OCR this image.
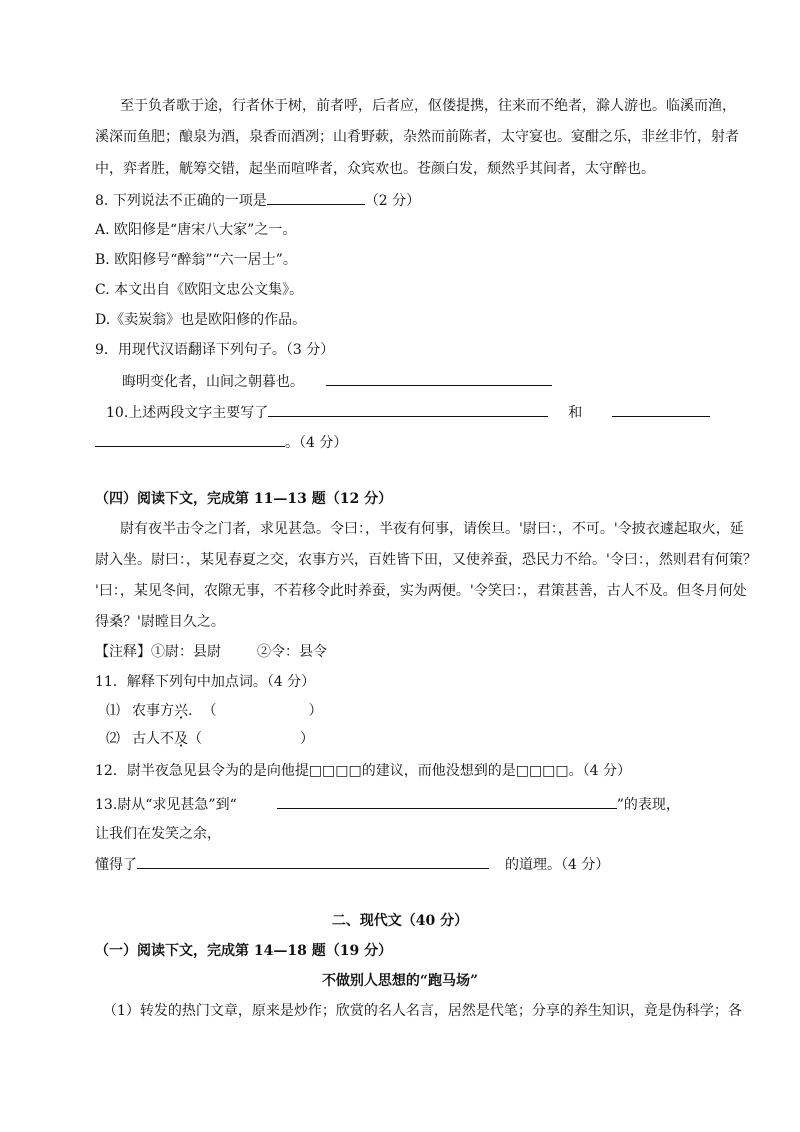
至于负者歌于途，行者休于树，前者呼，后者应，伛偻提携，往来而不绝者，滁人游也。临溪而渔，
溪深而鱼肥；酿泉为酒，泉香而酒冽；山肴野蔌，杂然而前陈者，太守宴也。宴酣之乐，非丝非竹，射者
中，弈者胜，觥筹交错，起坐而喧哗者，众宾欢也。苍颜白发，颓然乎其间者，太守醉也。
8. 下列说法不正确的一项是	（2 分）
A. 欧阳修是“唐宋八大家”之一。
B. 欧阳修号“醉翁”“六一居士”。
C. 本文出自《欧阳文忠公文集》。
D.《卖炭翁》也是欧阳修的作品。
9．用现代汉语翻译下列句子。（3 分）
晦明变化者，山间之朝暮也。
10.上述两段文字主要写了	和
。（4 分）
（四）阅读下文，完成第 11—13 题（12 分）
尉有夜半击令之门者，求见甚急。令曰：，半夜有何事，请俟旦。'尉曰：，不可。'令披衣遽起取火，延
尉入坐。尉曰：，某见春夏之交，农事方兴，百姓皆下田，又使养蚕，恐民力不给。'令曰：，然则君有何策？
'曰：，某见冬间，农隙无事，不若移令此时养蚕，实为两便。'令笑曰：，君策甚善，古人不及。但冬月何处
得桑？'尉瞠目久之。
【注释】①尉：县尉	②令：县令
11．解释下列句中加点词。（4 分）
⑴ 农事方兴. （	）
⑵ 古人不及（	）
12．尉半夜急见县令为的是向他提□□□□的建议，而他没想到的是□□□□。（4 分）
13.尉从“求见甚急”到“	”的表现，
让我们在发笑之余，
懂得了	的道理。（4 分）
二、现代文（40 分）
（一）阅读下文，完成第 14—18 题（19 分）
不做别人思想的“跑马场”
（1）转发的热门文章，原来是炒作；欣赏的名人名言，居然是代笔；分享的养生知识，竟是伪科学；各
